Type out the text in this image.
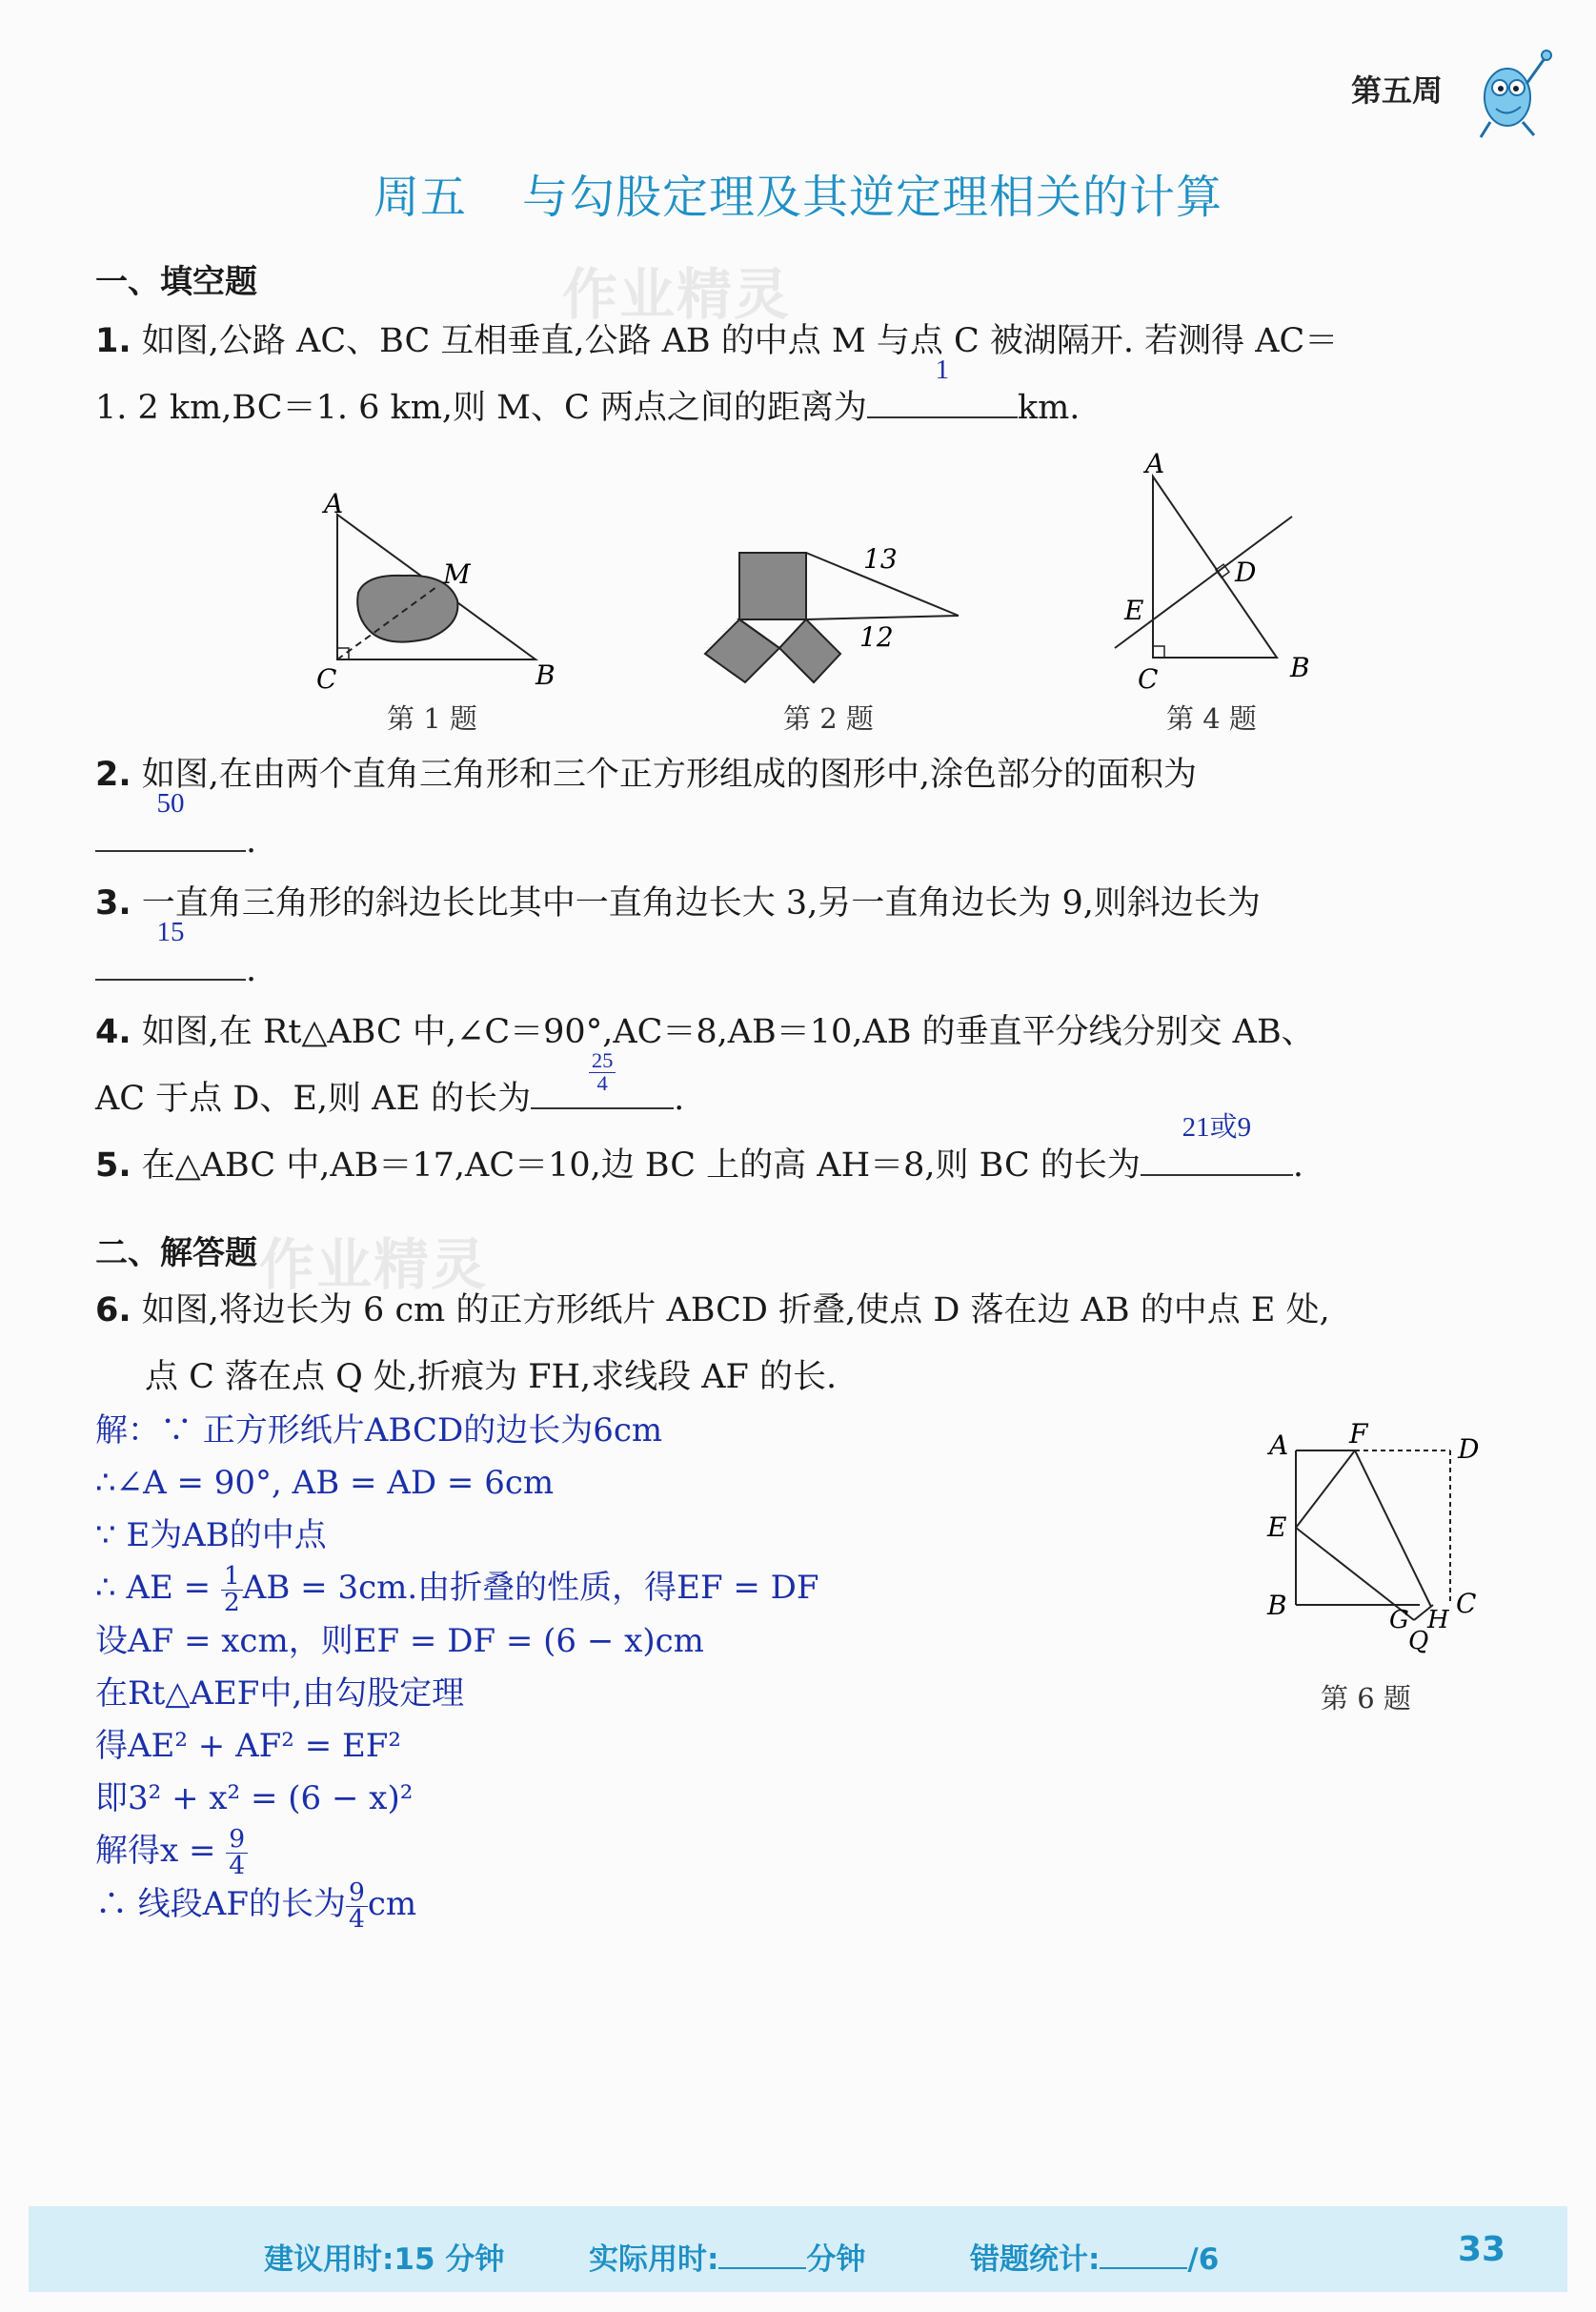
第五周
周五 与勾股定理及其逆定理相关的计算
一、填空题	作业精灵
1. 如图,公路 AC、BC 互相垂直,公路 AB 的中点 M 与点 C 被湖隔开. 若测得 AC＝
1. 2 km,BC＝1. 6 km,则 M、C 两点之间的距离为
1
km.
A
C	B
M
第 1 题
13
12
第 2 题
A
C	B
D
E
第 4 题
2. 如图,在由两个直角三角形和三个正方形组成的图形中,涂色部分的面积为
50
.
3. 一直角三角形的斜边长比其中一直角边长大 3,另一直角边长为 9,则斜边长为
15
.
4. 如图,在 Rt△ABC 中,∠C＝90°,AC＝8,AB＝10,AB 的垂直平分线分别交 AB、
AC 于点 D、E,则 AE 的长为
$\frac{25}{4}$
.
5. 在△ABC 中,AB＝17,AC＝10,边 BC 上的高 AH＝8,则 BC 的长为
21或9
.
二、解答题 作业精灵
6. 如图,将边长为 6 cm 的正方形纸片 ABCD 折叠,使点 D 落在边 AB 的中点 E 处,
点 C 落在点 Q 处,折痕为 FH,求线段 AF 的长.
解：∵ 正方形纸片ABCD的边长为6cm
∴∠A = 90°, AB = AD = 6cm
∵ E为AB的中点
∴ AE = $\frac{1}{2}$ AB = 3cm.由折叠的性质，得EF = DF
设AF = xcm，则EF = DF = (6 − x)cm
在Rt△AEF中,由勾股定理
得AE² + AF² = EF²
即3² + x² = (6 − x)²
解得$x = \frac{9}{4}$
∴ 线段AF的长为 $\frac{9}{4}$ cm
A F	D
E
B	G
Q
H
C
第 6 题
建议用时:15 分钟	实际用时:	分钟	错题统计:	/6	33
